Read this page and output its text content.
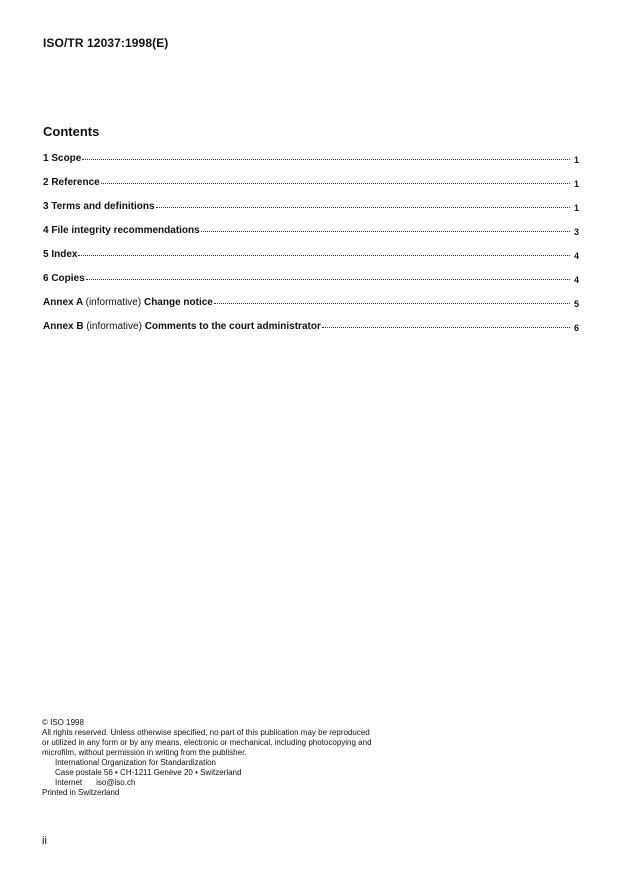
ISO/TR 12037:1998(E)
Contents
1 Scope	1
2 Reference	1
3 Terms and definitions	1
4 File integrity recommendations	3
5 Index	4
6 Copies	4
Annex A (informative) Change notice	5
Annex B (informative) Comments to the court administrator	6
© ISO 1998
All rights reserved. Unless otherwise specified, no part of this publication may be reproduced
or utilized in any form or by any means, electronic or mechanical, including photocopying and
microfilm, without permission in writing from the publisher.
International Organization for Standardization
Case postale 56 • CH-1211 Genève 20 • Switzerland
Internet iso@iso.ch
Printed in Switzerland
ii
